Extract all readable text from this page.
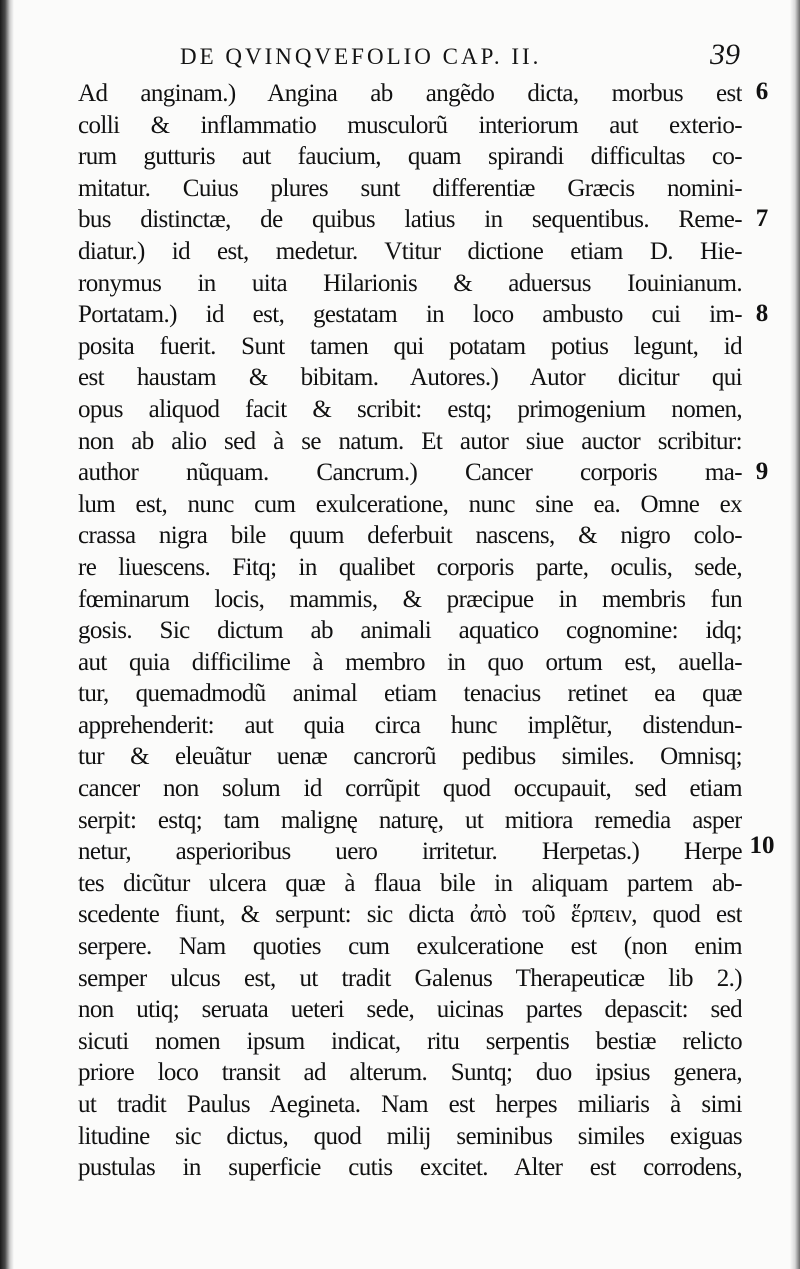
DE QVINQVEFOLIO CAP. II.	39
Ad anginam.) Angina ab angẽdo dicta, morbus est
colli & inflammatio musculorũ interiorum aut exterio-
rum gutturis aut faucium, quam spirandi difficultas co-
mitatur. Cuius plures sunt differentiæ Græcis nomini-
bus distinctæ, de quibus latius in sequentibus. Reme-
diatur.) id est, medetur. Vtitur dictione etiam D. Hie-
ronymus in uita Hilarionis & aduersus Iouinianum.
Portatam.) id est, gestatam in loco ambusto cui im-
posita fuerit. Sunt tamen qui potatam potius legunt, id
est haustam & bibitam. Autores.) Autor dicitur qui
opus aliquod facit & scribit: estq; primogenium nomen,
non ab alio sed à se natum. Et autor siue auctor scribitur:
author nũquam. Cancrum.) Cancer corporis ma-
lum est, nunc cum exulceratione, nunc sine ea. Omne ex
crassa nigra bile quum deferbuit nascens, & nigro colo-
re liuescens. Fitq; in qualibet corporis parte, oculis, sede,
fœminarum locis, mammis, & præcipue in membris fun
gosis. Sic dictum ab animali aquatico cognomine: idq;
aut quia difficilime à membro in quo ortum est, auella-
tur, quemadmodũ animal etiam tenacius retinet ea quæ
apprehenderit: aut quia circa hunc implẽtur, distendun-
tur & eleuãtur uenæ cancrorũ pedibus similes. Omnisq;
cancer non solum id corrũpit quod occupauit, sed etiam
serpit: estq; tam malignę naturę, ut mitiora remedia asper
netur, asperioribus uero irritetur. Herpetas.) Herpe
tes dicũtur ulcera quæ à flaua bile in aliquam partem ab-
scedente fiunt, & serpunt: sic dicta ἀπὸ τοῦ ἕρπειν, quod est
serpere. Nam quoties cum exulceratione est (non enim
semper ulcus est, ut tradit Galenus Therapeuticæ lib 2.)
non utiq; seruata ueteri sede, uicinas partes depascit: sed
sicuti nomen ipsum indicat, ritu serpentis bestiæ relicto
priore loco transit ad alterum. Suntq; duo ipsius genera,
ut tradit Paulus Aegineta. Nam est herpes miliaris à simi
litudine sic dictus, quod milij seminibus similes exiguas
pustulas in superficie cutis excitet. Alter est corrodens,
6
7
8
9
10
